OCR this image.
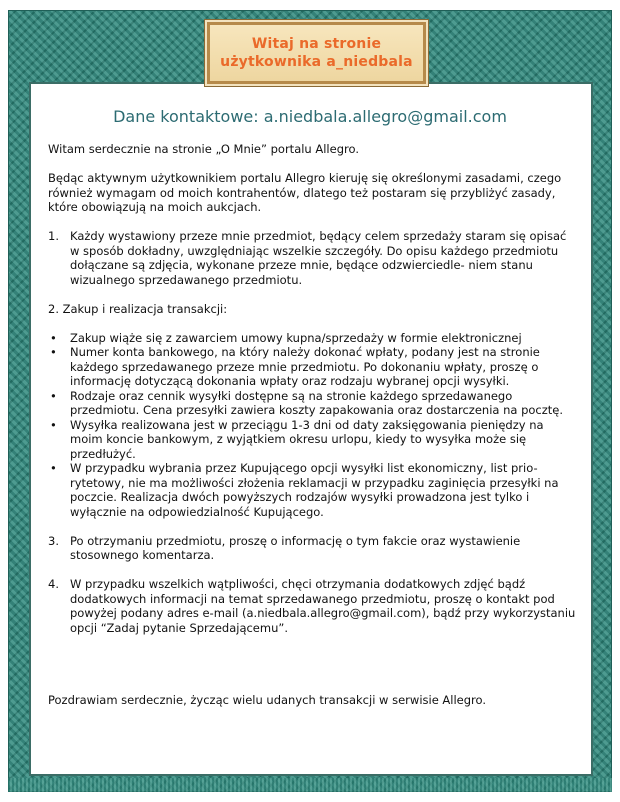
Witaj na stronie
użytkownika a_niedbala
Dane kontaktowe: a.niedbala.allegro@gmail.com

Witam serdecznie na stronie „O Mnie” portalu Allegro.

Będąc aktywnym użytkownikiem portalu Allegro kieruję się określonymi zasadami, czego również wymagam od moich kontrahentów, dlatego też postaram się przybliżyć zasady, które obowiązują na moich aukcjach.

1. Każdy wystawiony przeze mnie przedmiot, będący celem sprzedaży staram się opisać w sposób dokładny, uwzględniając wszelkie szczegóły. Do opisu każdego przedmiotu dołączane są zdjęcia, wykonane przeze mnie, będące odzwierciedle- niem stanu wizualnego sprzedawanego przedmiotu.

2. Zakup i realizacja transakcji:

•	Zakup wiąże się z zawarciem umowy kupna/sprzedaży w formie elektronicznej
•	Numer konta bankowego, na który należy dokonać wpłaty, podany jest na stronie każdego sprzedawanego przeze mnie przedmiotu. Po dokonaniu wpłaty, proszę o informację dotyczącą dokonania wpłaty oraz rodzaju wybranej opcji wysyłki.
•	Rodzaje oraz cennik wysyłki dostępne są na stronie każdego sprzedawanego przedmiotu. Cena przesyłki zawiera koszty zapakowania oraz dostarczenia na pocztę.
•	Wysyłka realizowana jest w przeciągu 1-3 dni od daty zaksięgowania pieniędzy na moim koncie bankowym, z wyjątkiem okresu urlopu, kiedy to wysyłka może się przedłużyć.
•	W przypadku wybrania przez Kupującego opcji wysyłki list ekonomiczny, list prio- rytetowy, nie ma możliwości złożenia reklamacji w przypadku zaginięcia przesyłki na poczcie. Realizacja dwóch powyższych rodzajów wysyłki prowadzona jest tylko i wyłącznie na odpowiedzialność Kupującego.
3. Po otrzymaniu przedmiotu, proszę o informację o tym fakcie oraz wystawienie stosownego komentarza.
4. W przypadku wszelkich wątpliwości, chęci otrzymania dodatkowych zdjęć bądź dodatkowych informacji na temat sprzedawanego przedmiotu, proszę o kontakt pod powyżej podany adres e-mail (a.niedbala.allegro@gmail.com), bądź przy wykorzystaniu opcji “Zadaj pytanie Sprzedającemu”.

Pozdrawiam serdecznie, życząc wielu udanych transakcji w serwisie Allegro.
